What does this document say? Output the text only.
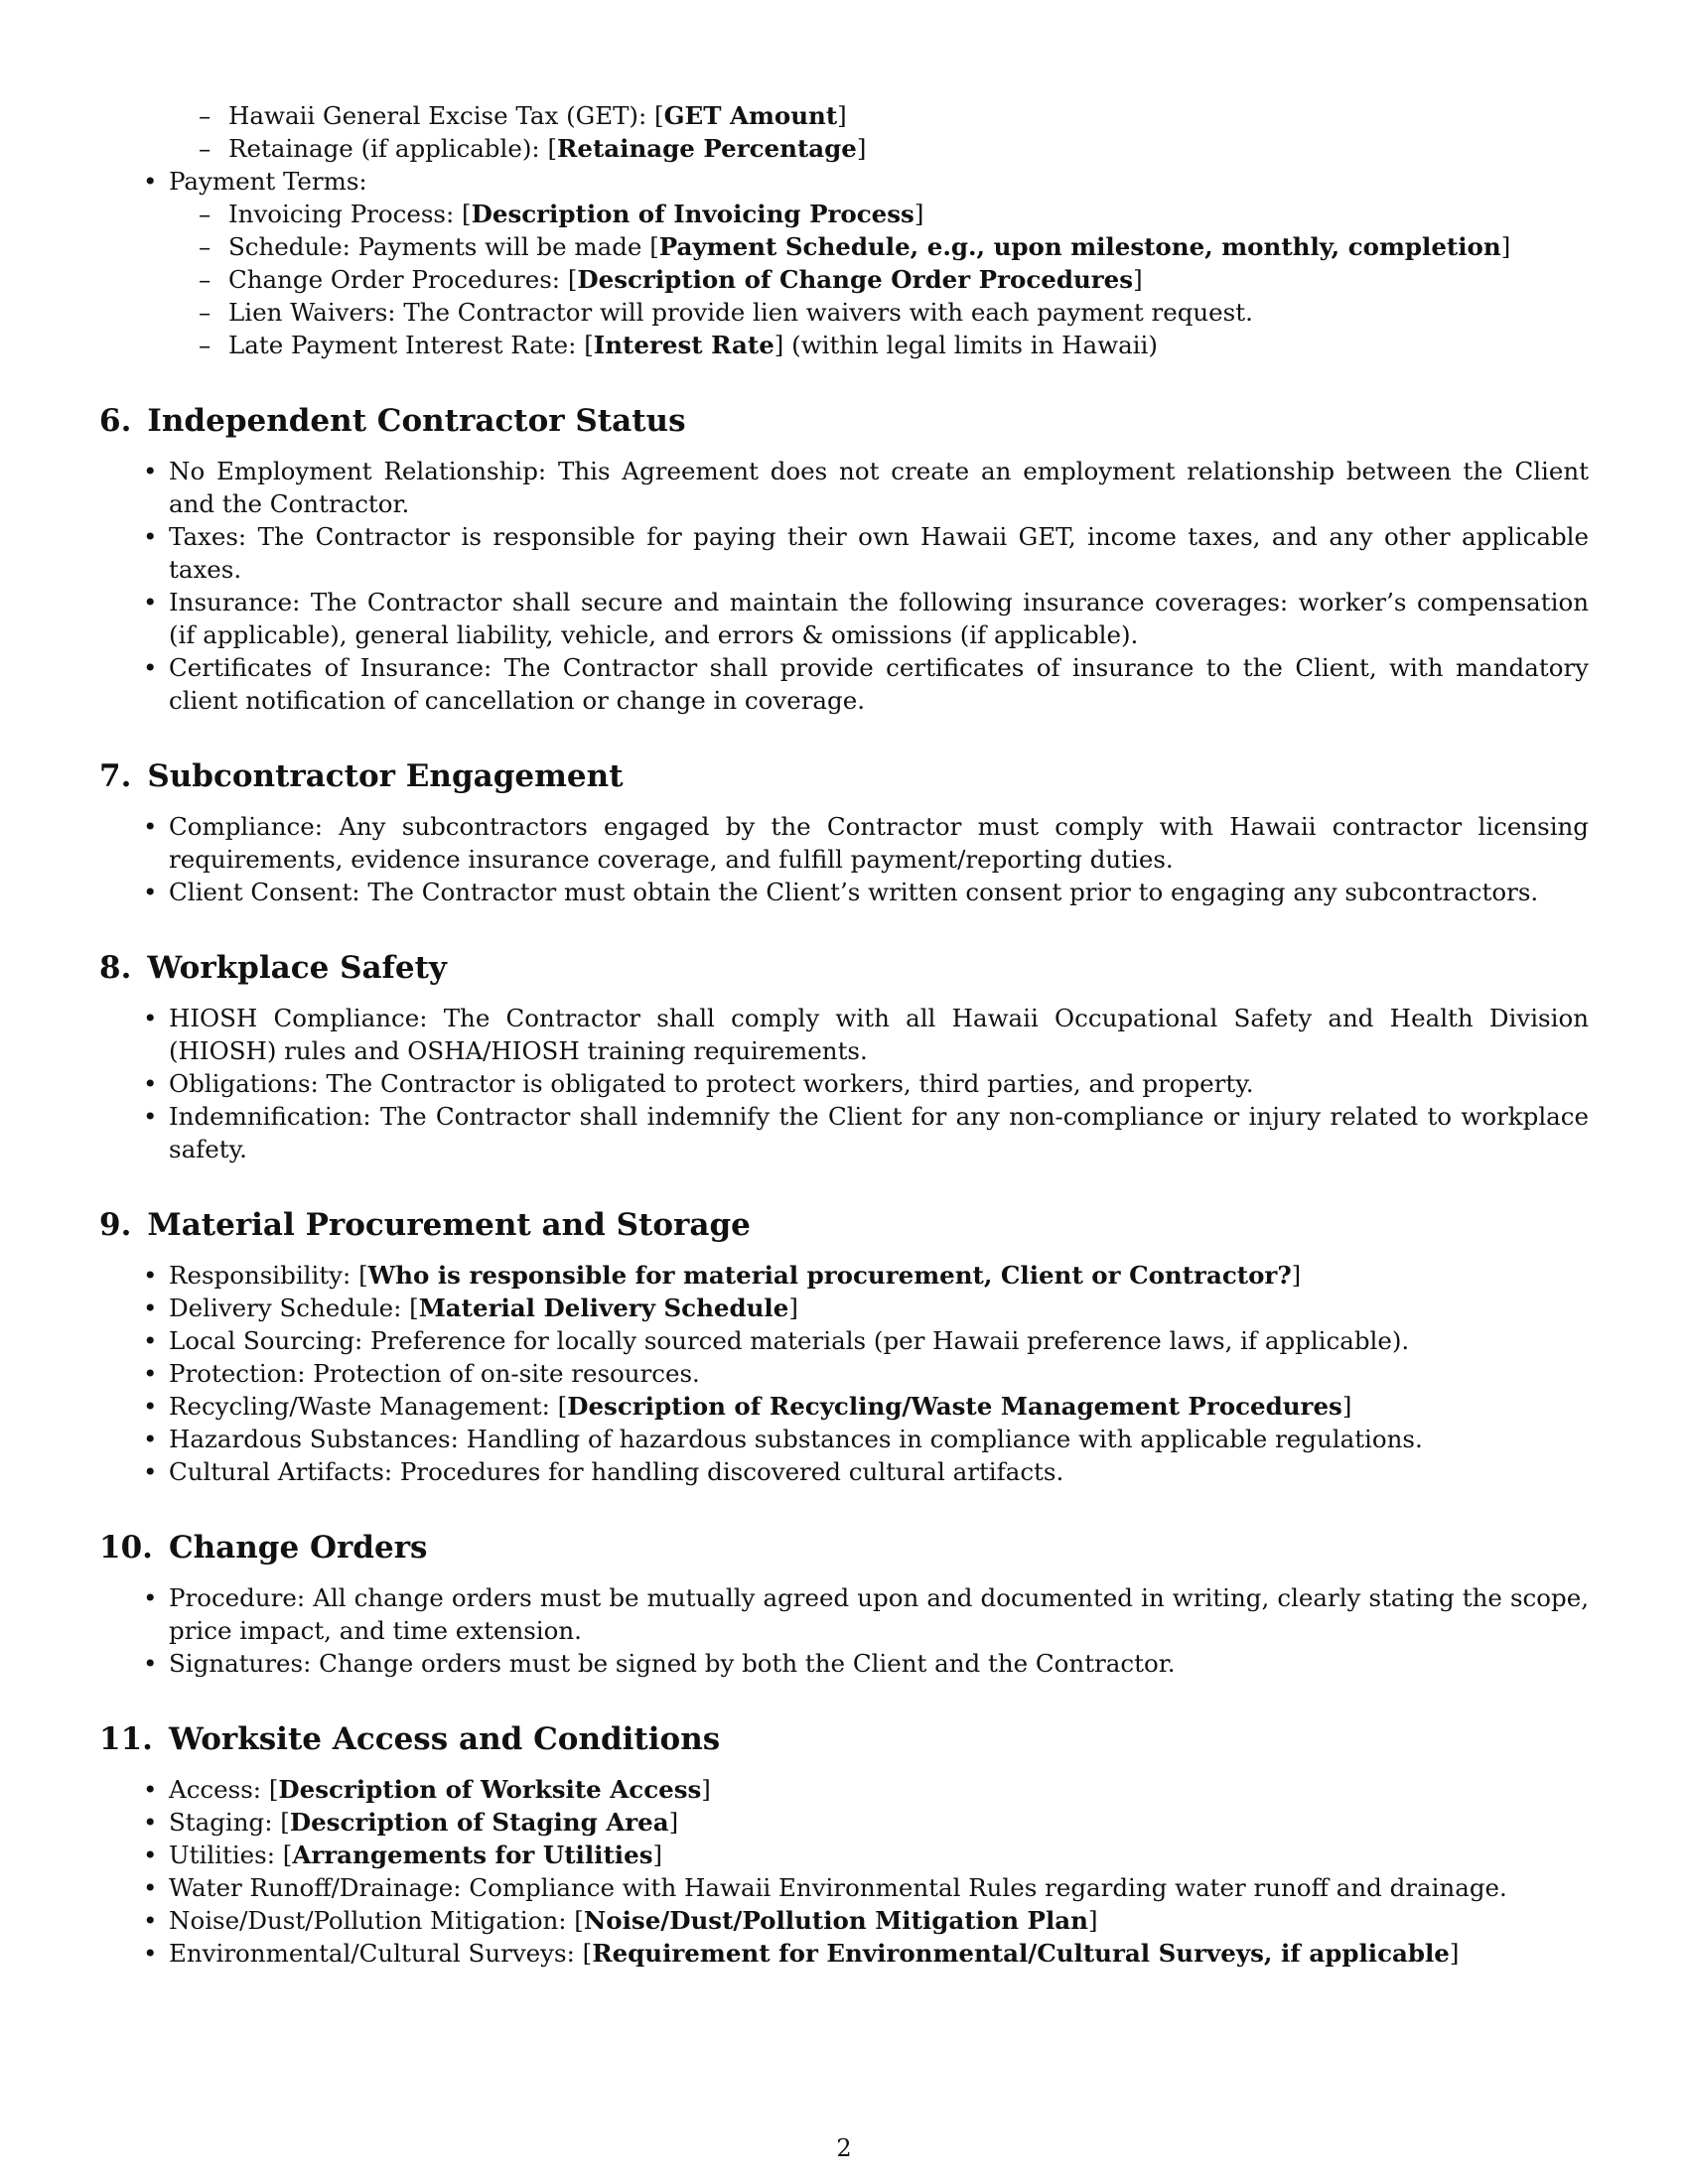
– Hawaii General Excise Tax (GET): [GET Amount]
– Retainage (if applicable): [Retainage Percentage]
• Payment Terms:
– Invoicing Process: [Description of Invoicing Process]
– Schedule: Payments will be made [Payment Schedule, e.g., upon milestone, monthly, completion]
– Change Order Procedures: [Description of Change Order Procedures]
– Lien Waivers: The Contractor will provide lien waivers with each payment request.
– Late Payment Interest Rate: [Interest Rate] (within legal limits in Hawaii)
6. Independent Contractor Status
• No Employment Relationship: This Agreement does not create an employment relationship between the Client and the Contractor.
• Taxes: The Contractor is responsible for paying their own Hawaii GET, income taxes, and any other applicable taxes.
• Insurance: The Contractor shall secure and maintain the following insurance coverages: worker’s compensation (if applicable), general liability, vehicle, and errors & omissions (if applicable).
• Certificates of Insurance: The Contractor shall provide certificates of insurance to the Client, with mandatory client notification of cancellation or change in coverage.
7. Subcontractor Engagement
• Compliance: Any subcontractors engaged by the Contractor must comply with Hawaii contractor licensing requirements, evidence insurance coverage, and fulfill payment/reporting duties.
• Client Consent: The Contractor must obtain the Client’s written consent prior to engaging any subcontractors.
8. Workplace Safety
• HIOSH Compliance: The Contractor shall comply with all Hawaii Occupational Safety and Health Division (HIOSH) rules and OSHA/HIOSH training requirements.
• Obligations: The Contractor is obligated to protect workers, third parties, and property.
• Indemnification: The Contractor shall indemnify the Client for any non-compliance or injury related to workplace safety.
9. Material Procurement and Storage
• Responsibility: [Who is responsible for material procurement, Client or Contractor?]
• Delivery Schedule: [Material Delivery Schedule]
• Local Sourcing: Preference for locally sourced materials (per Hawaii preference laws, if applicable).
• Protection: Protection of on-site resources.
• Recycling/Waste Management: [Description of Recycling/Waste Management Procedures]
• Hazardous Substances: Handling of hazardous substances in compliance with applicable regulations.
• Cultural Artifacts: Procedures for handling discovered cultural artifacts.
10. Change Orders
• Procedure: All change orders must be mutually agreed upon and documented in writing, clearly stating the scope, price impact, and time extension.
• Signatures: Change orders must be signed by both the Client and the Contractor.
11. Worksite Access and Conditions
• Access: [Description of Worksite Access]
• Staging: [Description of Staging Area]
• Utilities: [Arrangements for Utilities]
• Water Runoff/Drainage: Compliance with Hawaii Environmental Rules regarding water runoff and drainage.
• Noise/Dust/Pollution Mitigation: [Noise/Dust/Pollution Mitigation Plan]
• Environmental/Cultural Surveys: [Requirement for Environmental/Cultural Surveys, if applicable]
2
